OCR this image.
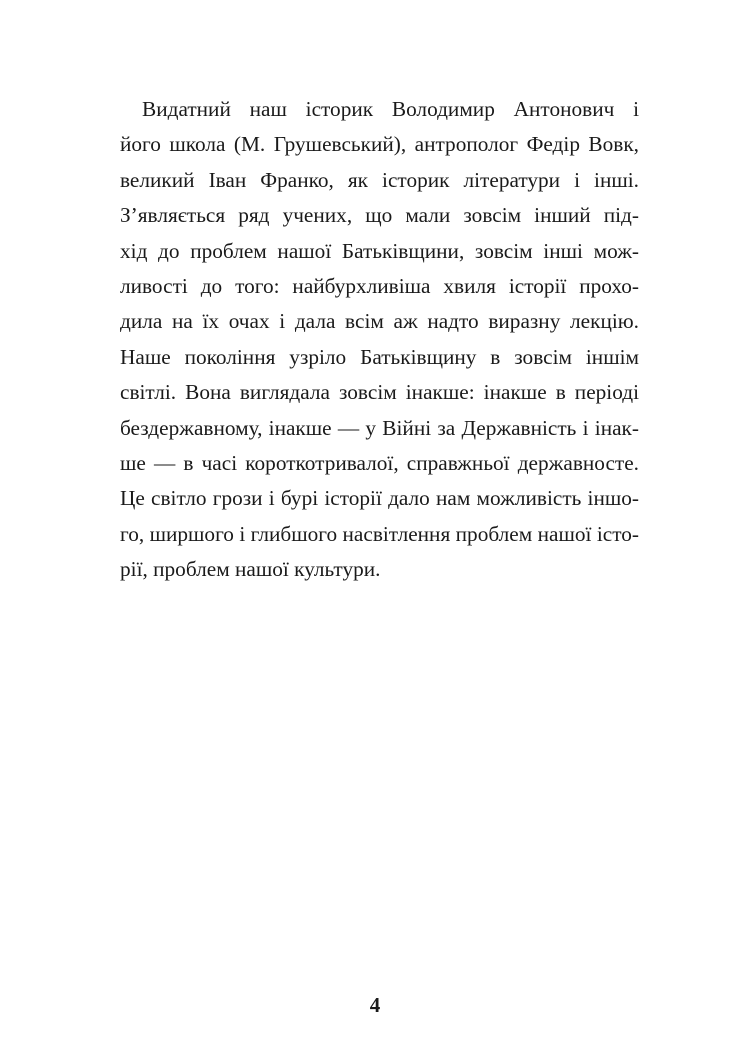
Видатний наш історик Володимир Антонович і
його школа (М. Грушевський), антрополог Федір Вовк,
великий Іван Франко, як історик літератури і інші.
З’являється ряд учених, що мали зовсім інший під-
хід до проблем нашої Батьківщини, зовсім інші мож-
ливості до того: найбурхливіша хвиля історії прохо-
дила на їх очах і дала всім аж надто виразну лекцію.
Наше покоління узріло Батьківщину в зовсім іншім
світлі. Вона виглядала зовсім інакше: інакше в періоді
бездержавному, інакше — у Війні за Державність і інак-
ше — в часі короткотривалої, справжньої державносте.
Це світло грози і бурі історії дало нам можливість іншо-
го, ширшого і глибшого насвітлення проблем нашої істо-
рії, проблем нашої культури.
4
